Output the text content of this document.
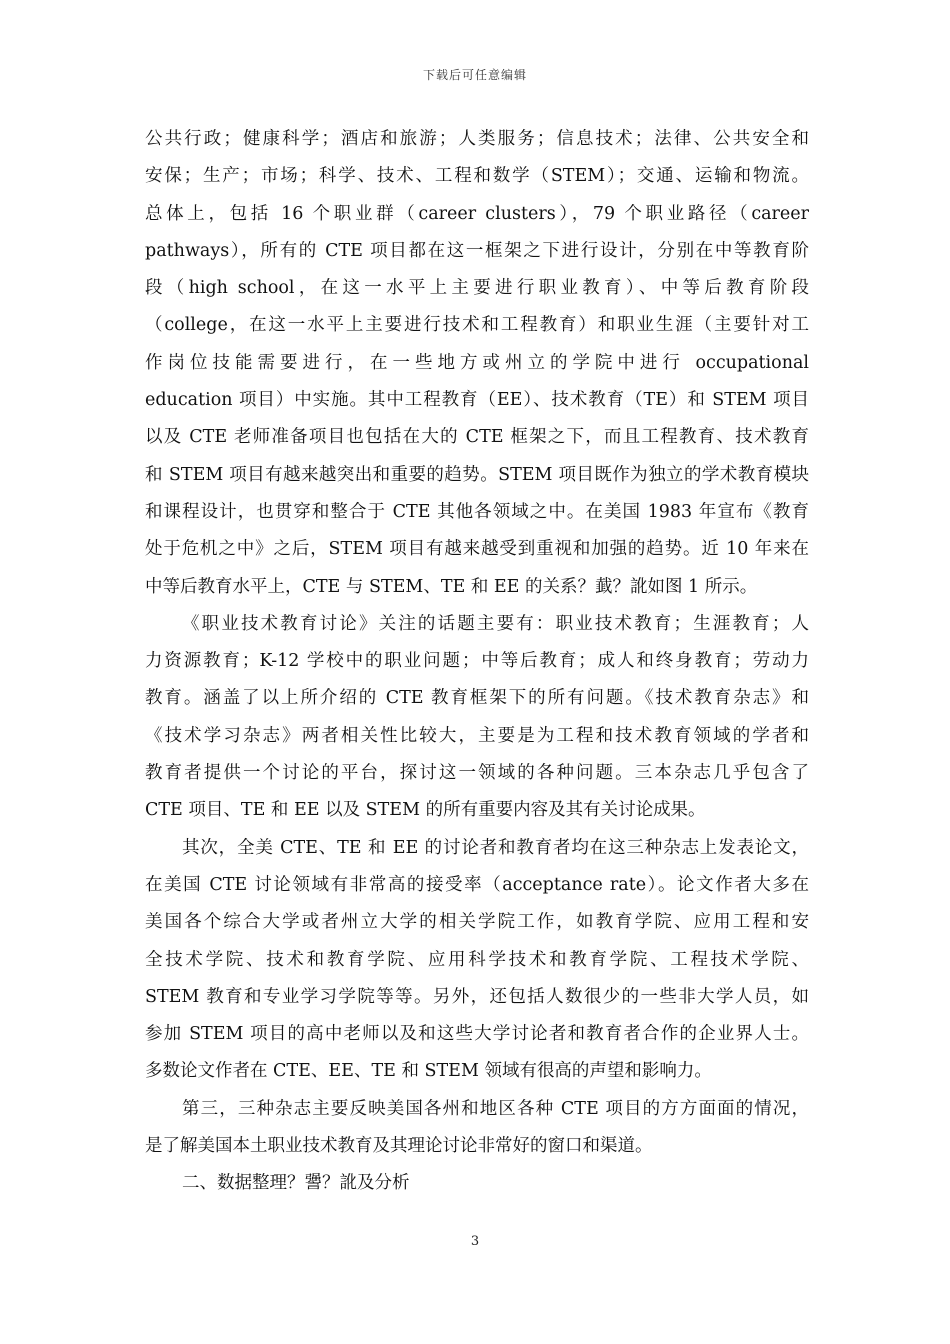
下载后可任意编辑
公共行政；健康科学；酒店和旅游；人类服务；信息技术；法律、公共安全和
安保；生产；市场；科学、技术、工程和数学（STEM）；交通、运输和物流。
总体上，包括 16 个职业群（career clusters），79 个职业路径（career
pathways），所有的 CTE 项目都在这一框架之下进行设计，分别在中等教育阶
段（high school，在这一水平上主要进行职业教育）、中等后教育阶段
（college，在这一水平上主要进行技术和工程教育）和职业生涯（主要针对工
作岗位技能需要进行，在一些地方或州立的学院中进行 occupational
education 项目）中实施。其中工程教育（EE）、技术教育（TE）和 STEM 项目
以及 CTE 老师准备项目也包括在大的 CTE 框架之下，而且工程教育、技术教育
和 STEM 项目有越来越突出和重要的趋势。STEM 项目既作为独立的学术教育模块
和课程设计，也贯穿和整合于 CTE 其他各领域之中。在美国 1983 年宣布《教育
处于危机之中》之后，STEM 项目有越来越受到重视和加强的趋势。近 10 年来在
中等后教育水平上，CTE 与 STEM、TE 和 EE 的关系？韯？訛如图 1 所示。
《职业技术教育讨论》关注的话题主要有：职业技术教育；生涯教育；人
力资源教育；K-12 学校中的职业问题；中等后教育；成人和终身教育；劳动力
教育。涵盖了以上所介绍的 CTE 教育框架下的所有问题。《技术教育杂志》和
《技术学习杂志》两者相关性比较大，主要是为工程和技术教育领域的学者和
教育者提供一个讨论的平台，探讨这一领域的各种问题。三本杂志几乎包含了
CTE 项目、TE 和 EE 以及 STEM 的所有重要内容及其有关讨论成果。
其次，全美 CTE、TE 和 EE 的讨论者和教育者均在这三种杂志上发表论文，
在美国 CTE 讨论领域有非常高的接受率（acceptance rate）。论文作者大多在
美国各个综合大学或者州立大学的相关学院工作，如教育学院、应用工程和安
全技术学院、技术和教育学院、应用科学技术和教育学院、工程技术学院、
STEM 教育和专业学习学院等等。另外，还包括人数很少的一些非大学人员，如
参加 STEM 项目的高中老师以及和这些大学讨论者和教育者合作的企业界人士。
多数论文作者在 CTE、EE、TE 和 STEM 领域有很高的声望和影响力。
第三，三种杂志主要反映美国各州和地区各种 CTE 项目的方方面面的情况，
是了解美国本土职业技术教育及其理论讨论非常好的窗口和渠道。
二、数据整理？謽？訛及分析
3
